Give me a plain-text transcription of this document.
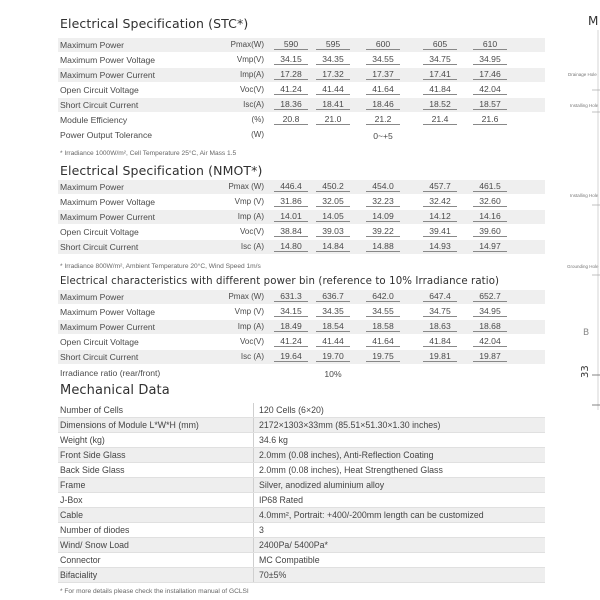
Electrical Specification (STC*)
Maximum Power	Pmax(W)	590	595	600	605	610
Maximum Power Voltage	Vmp(V)	34.15	34.35	34.55	34.75	34.95
Maximum Power Current	Imp(A)	17.28	17.32	17.37	17.41	17.46
Open Circuit Voltage	Voc(V)	41.24	41.44	41.64	41.84	42.04
Short Circuit Current	Isc(A)	18.36	18.41	18.46	18.52	18.57
Module Efficiency	(%)	20.8	21.0	21.2	21.4	21.6
Power Output Tolerance	(W)	0~+5
* Irradiance 1000W/m², Cell Temperature 25°C, Air Mass 1.5
Electrical Specification (NMOT*)
Maximum Power	Pmax (W)	446.4	450.2	454.0	457.7	461.5
Maximum Power Voltage	Vmp (V)	31.86	32.05	32.23	32.42	32.60
Maximum Power Current	Imp (A)	14.01	14.05	14.09	14.12	14.16
Open Circuit Voltage	Voc(V)	38.84	39.03	39.22	39.41	39.60
Short Circuit Current	Isc (A)	14.80	14.84	14.88	14.93	14.97
* Irradiance 800W/m², Ambient Temperature 20°C, Wind Speed 1m/s
Electrical characteristics with different power bin (reference to 10% Irradiance ratio)
Maximum Power	Pmax (W)	631.3	636.7	642.0	647.4	652.7
Maximum Power Voltage	Vmp (V)	34.15	34.35	34.55	34.75	34.95
Maximum Power Current	Imp (A)	18.49	18.54	18.58	18.63	18.68
Open Circuit Voltage	Voc(V)	41.24	41.44	41.64	41.84	42.04
Short Circuit Current	Isc (A)	19.64	19.70	19.75	19.81	19.87
Irradiance ratio (rear/front)	10%
Mechanical Data
Number of Cells	120 Cells (6×20)
Dimensions of Module L*W*H (mm)	2172×1303×33mm (85.51×51.30×1.30 inches)
Weight (kg)	34.6 kg
Front Side Glass	2.0mm (0.08 inches), Anti-Reflection Coating
Back Side Glass	2.0mm (0.08 inches), Heat Strengthened Glass
Frame	Silver, anodized aluminium alloy
J-Box	IP68 Rated
Cable	4.0mm², Portrait: +400/-200mm length can be customized
Number of diodes	3
Wind/ Snow Load	2400Pa/ 5400Pa*
Connector	MC Compatible
Bifaciality	70±5%
* For more details please check the installation manual of GCLSI
M
Drainage Hole
Installing Hole
Installing Hole
Grounding Hole
B
33
